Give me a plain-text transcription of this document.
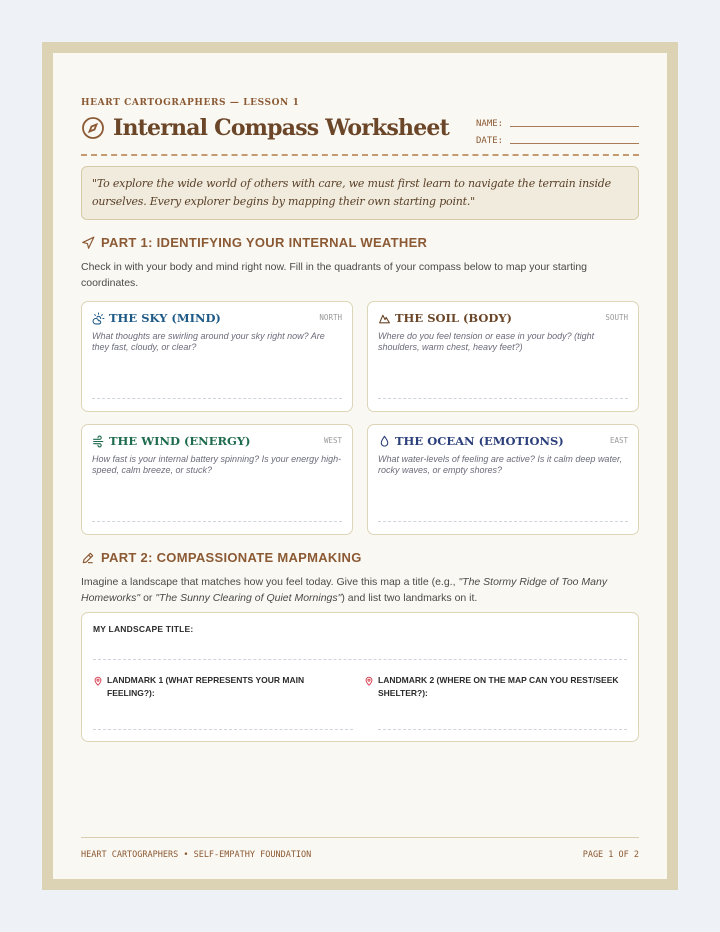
HEART CARTOGRAPHERS — LESSON 1
Internal Compass Worksheet	NAME:
DATE:
"To explore the wide world of others with care, we must first learn to navigate the terrain inside ourselves. Every explorer begins by mapping their own starting point."
PART 1: IDENTIFYING YOUR INTERNAL WEATHER
Check in with your body and mind right now. Fill in the quadrants of your compass below to map your starting coordinates.
THE SKY (MIND)	NORTH
What thoughts are swirling around your sky right now? Are they fast, cloudy, or clear?
THE SOIL (BODY)	SOUTH
Where do you feel tension or ease in your body? (tight shoulders, warm chest, heavy feet?)
THE WIND (ENERGY)	WEST
How fast is your internal battery spinning? Is your energy high-speed, calm breeze, or stuck?
THE OCEAN (EMOTIONS)	EAST
What water-levels of feeling are active? Is it calm deep water, rocky waves, or empty shores?
PART 2: COMPASSIONATE MAPMAKING
Imagine a landscape that matches how you feel today. Give this map a title (e.g., "The Stormy Ridge of Too Many Homeworks" or "The Sunny Clearing of Quiet Mornings") and list two landmarks on it.
MY LANDSCAPE TITLE:
LANDMARK 1 (WHAT REPRESENTS YOUR MAIN FEELING?):
LANDMARK 2 (WHERE ON THE MAP CAN YOU REST/SEEK SHELTER?):
HEART CARTOGRAPHERS • SELF-EMPATHY FOUNDATION	PAGE 1 OF 2
